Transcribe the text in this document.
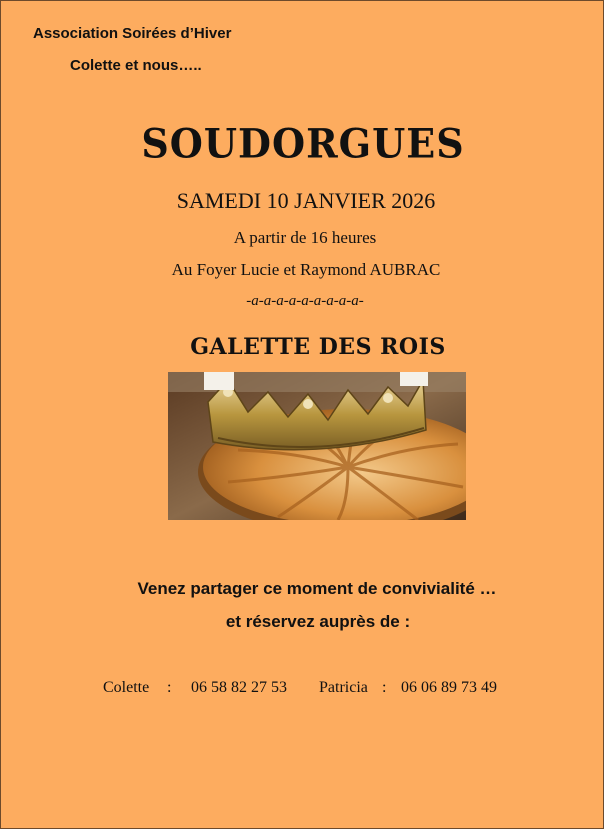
Association Soirées d’Hiver
Colette et nous…..
SOUDORGUES
SAMEDI 10 JANVIER 2026
A partir de 16 heures
Au Foyer Lucie et Raymond AUBRAC
-a-a-a-a-a-a-a-a-a-
GALETTE DES ROIS
Venez partager ce moment de convivialité …
et réservez auprès de :
Colette : 06 58 82 27 53 Patricia : 06 06 89 73 49
